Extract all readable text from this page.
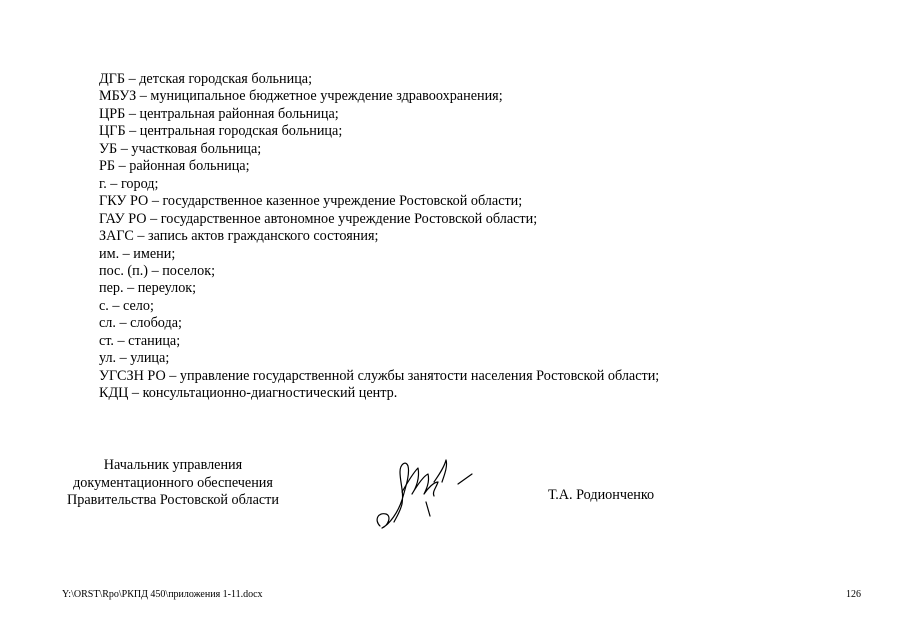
ДГБ – детская городская больница;
МБУЗ – муниципальное бюджетное учреждение здравоохранения;
ЦРБ – центральная районная больница;
ЦГБ – центральная городская больница;
УБ – участковая больница;
РБ – районная больница;
г. – город;
ГКУ РО – государственное казенное учреждение Ростовской области;
ГАУ РО – государственное автономное учреждение Ростовской области;
ЗАГС – запись актов гражданского состояния;
им. – имени;
пос. (п.) – поселок;
пер. – переулок;
с. – село;
сл. – слобода;
ст. – станица;
ул. – улица;
УГСЗН РО – управление государственной службы занятости населения Ростовской области;
КДЦ – консультационно-диагностический центр.
Начальник управления
документационного обеспечения
Правительства Ростовской области	Т.А. Родионченко
Y:\ORST\Rpo\РКПД 450\приложения 1-11.docx	126
